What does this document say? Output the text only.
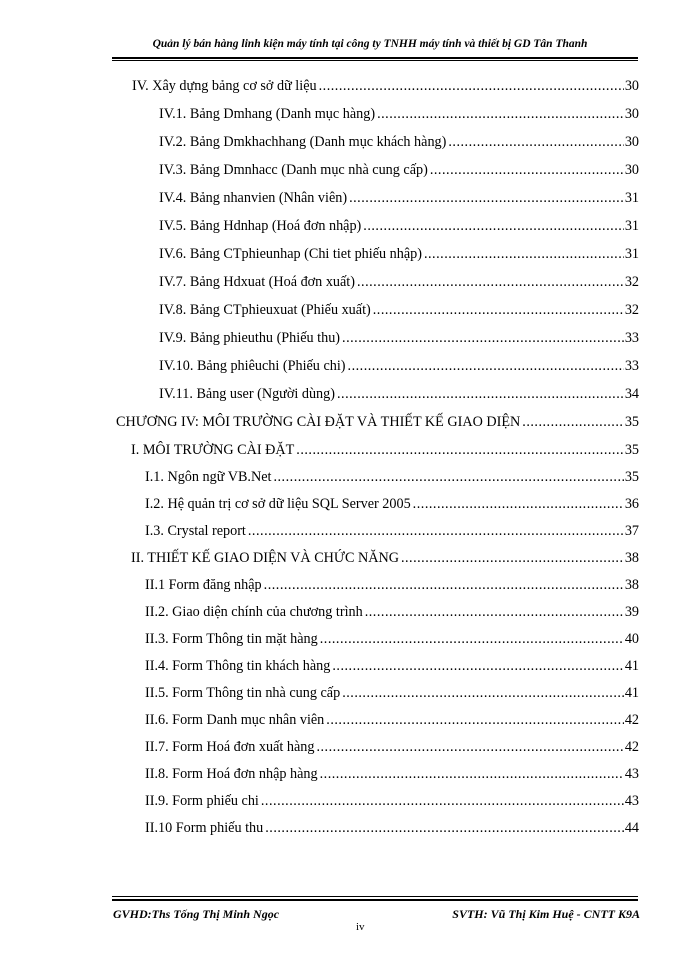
Quản lý bán hàng linh kiện máy tính tại công ty TNHH máy tính và thiết bị GD Tân Thanh
IV. Xây dựng bảng cơ sở dữ liệu .....	30
IV.1. Bảng Dmhang (Danh mục hàng) .....	30
IV.2. Bảng Dmkhachhang (Danh mục khách hàng) .....	30
IV.3. Bảng Dmnhacc (Danh mục nhà cung cấp) .....	30
IV.4. Bảng nhanvien (Nhân viên) .....	31
IV.5. Bảng Hdnhap (Hoá đơn nhập) .....	31
IV.6. Bảng CTphieunhap (Chi tiet phiếu nhập) .....	31
IV.7. Bảng Hdxuat (Hoá đơn xuất) .....	32
IV.8. Bảng CTphieuxuat (Phiếu xuất) .....	32
IV.9. Bảng phieuthu (Phiếu thu) .....	33
IV.10. Bảng phiêuchi (Phiếu chi) .....	33
IV.11. Bảng user (Người dùng) .....	34
CHƯƠNG IV: MÔI TRƯỜNG CÀI ĐẶT VÀ THIẾT KẾ GIAO DIỆN .....	35
I. MÔI TRƯỜNG CÀI ĐẶT .....	35
I.1. Ngôn ngữ VB.Net .....	35
I.2. Hệ quản trị cơ sở dữ liệu SQL Server 2005 .....	36
I.3. Crystal report .....	37
II. THIẾT KẾ GIAO DIỆN VÀ CHỨC NĂNG .....	38
II.1 Form đăng nhập .....	38
II.2. Giao diện chính của chương trình .....	39
II.3. Form Thông tin mặt hàng .....	40
II.4. Form Thông tin khách hàng .....	41
II.5. Form Thông tin nhà cung cấp .....	41
II.6. Form Danh mục nhân viên .....	42
II.7. Form Hoá đơn xuất hàng .....	42
II.8. Form Hoá đơn nhập hàng .....	43
II.9. Form phiếu chi .....	43
II.10 Form phiếu thu .....	44
GVHD:Ths Tống Thị Minh Ngọc
iv
SVTH: Vũ Thị Kim Huệ - CNTT K9A
